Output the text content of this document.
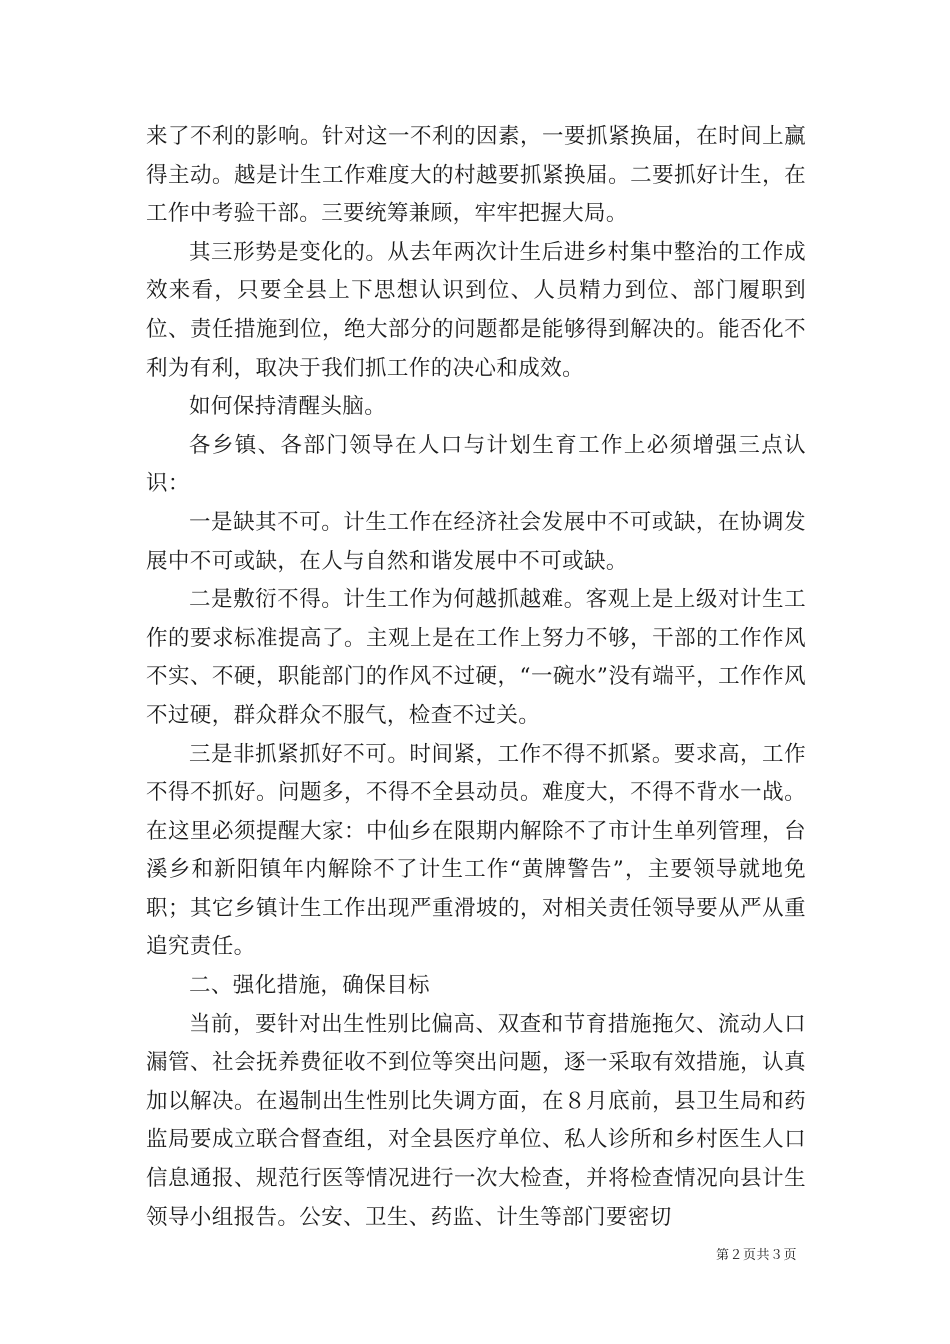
来了不利的影响。针对这一不利的因素，一要抓紧换届，在时间上赢得主动。越是计生工作难度大的村越要抓紧换届。二要抓好计生，在工作中考验干部。三要统筹兼顾，牢牢把握大局。

其三形势是变化的。从去年两次计生后进乡村集中整治的工作成效来看，只要全县上下思想认识到位、人员精力到位、部门履职到位、责任措施到位，绝大部分的问题都是能够得到解决的。能否化不利为有利，取决于我们抓工作的决心和成效。

如何保持清醒头脑。

各乡镇、各部门领导在人口与计划生育工作上必须增强三点认识：

一是缺其不可。计生工作在经济社会发展中不可或缺，在协调发展中不可或缺，在人与自然和谐发展中不可或缺。

二是敷衍不得。计生工作为何越抓越难。客观上是上级对计生工作的要求标准提高了。主观上是在工作上努力不够，干部的工作作风不实、不硬，职能部门的作风不过硬，“一碗水”没有端平，工作作风不过硬，群众群众不服气，检查不过关。

三是非抓紧抓好不可。时间紧，工作不得不抓紧。要求高，工作不得不抓好。问题多，不得不全县动员。难度大，不得不背水一战。在这里必须提醒大家：中仙乡在限期内解除不了市计生单列管理，台溪乡和新阳镇年内解除不了计生工作“黄牌警告”，主要领导就地免职；其它乡镇计生工作出现严重滑坡的，对相关责任领导要从严从重追究责任。

二、强化措施，确保目标

当前，要针对出生性别比偏高、双查和节育措施拖欠、流动人口漏管、社会抚养费征收不到位等突出问题，逐一采取有效措施，认真加以解决。在遏制出生性别比失调方面，在８月底前，县卫生局和药监局要成立联合督查组，对全县医疗单位、私人诊所和乡村医生人口信息通报、规范行医等情况进行一次大检查，并将检查情况向县计生领导小组报告。公安、卫生、药监、计生等部门要密切

第２页共３页
